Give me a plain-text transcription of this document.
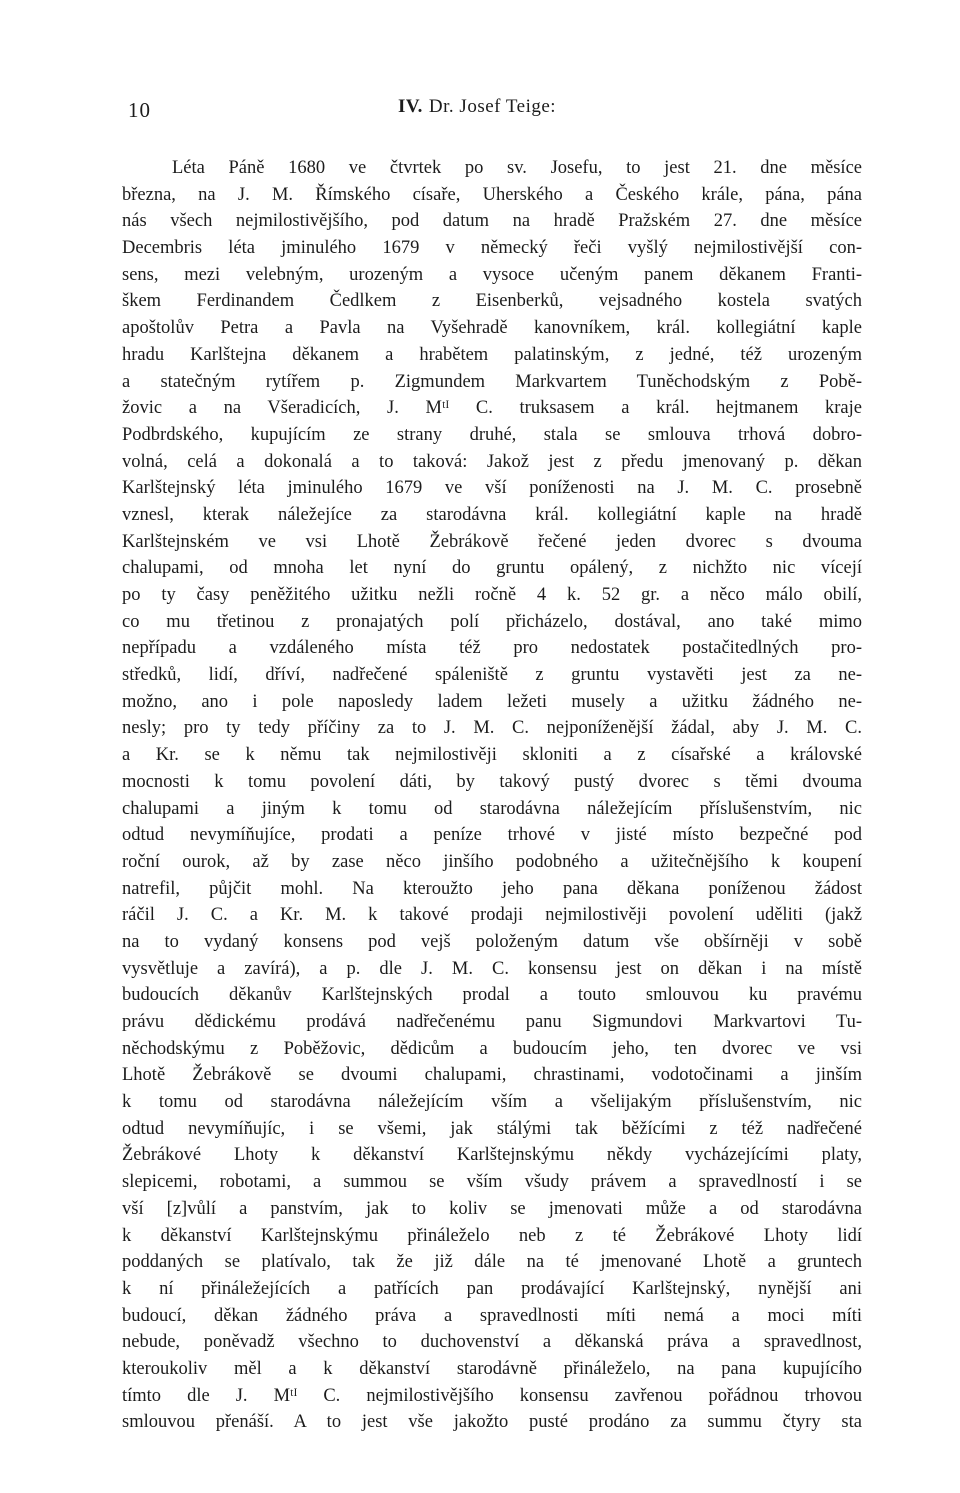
10	IV. Dr. Josef Teige:
Léta Páně 1680 ve čtvrtek po sv. Josefu, to jest 21. dne měsíce
března, na J. M. Římského císaře, Uherského a Českého krále, pána, pána
nás všech nejmilostivějšího, pod datum na hradě Pražském 27. dne měsíce
Decembris léta jminulého 1679 v německý řeči vyšlý nejmilostivější con-
sens, mezi velebným, urozeným a vysoce učeným panem děkanem Franti-
škem Ferdinandem Čedlkem z Eisenberků, vejsadného kostela svatých
apoštolův Petra a Pavla na Vyšehradě kanovníkem, král. kollegiátní kaple
hradu Karlštejna děkanem a hrabětem palatinským, z jedné, též urozeným
a statečným rytířem p. Zigmundem Markvartem Tuněchodským z Pobě-
žovic a na Všeradicích, J. Mᵗᴵ C. truksasem a král. hejtmanem kraje
Podbrdského, kupujícím ze strany druhé, stala se smlouva trhová dobro-
volná, celá a dokonalá a to taková: Jakož jest z předu jmenovaný p. děkan
Karlštejnský léta jminulého 1679 ve vší poníženosti na J. M. C. prosebně
vznesl, kterak náležejíce za starodávna král. kollegiátní kaple na hradě
Karlštejnském ve vsi Lhotě Žebrákově řečené jeden dvorec s dvouma
chalupami, od mnoha let nyní do gruntu opálený, z nichžto nic vícejí
po ty časy peněžitého užitku nežli ročně 4 k. 52 gr. a něco málo obilí,
co mu třetinou z pronajatých polí přicházelo, dostával, ano také mimo
nepřípadu a vzdáleného místa též pro nedostatek postačitedlných pro-
středků, lidí, dříví, nadřečené spáleniště z gruntu vystavěti jest za ne-
možno, ano i pole naposledy ladem ležeti musely a užitku žádného ne-
nesly; pro ty tedy příčiny za to J. M. C. nejponíženější žádal, aby J. M. C.
a Kr. se k němu tak nejmilostivěji skloniti a z císařské a královské
mocnosti k tomu povolení dáti, by takový pustý dvorec s těmi dvouma
chalupami a jiným k tomu od starodávna náležejícím příslušenstvím, nic
odtud nevymíňujíce, prodati a peníze trhové v jisté místo bezpečné pod
roční ourok, až by zase něco jinšího podobného a užitečnějšího k koupení
natrefil, půjčit mohl. Na kteroužto jeho pana děkana poníženou žádost
ráčil J. C. a Kr. M. k takové prodaji nejmilostivěji povolení uděliti (jakž
na to vydaný konsens pod vejš položeným datum vše obšírněji v sobě
vysvětluje a zavírá), a p. dle J. M. C. konsensu jest on děkan i na místě
budoucích děkanův Karlštejnských prodal a touto smlouvou ku pravému
právu dědickému prodává nadřečenému panu Sigmundovi Markvartovi Tu-
něchodskýmu z Poběžovic, dědicům a budoucím jeho, ten dvorec ve vsi
Lhotě Žebrákově se dvoumi chalupami, chrastinami, vodotočinami a jinším
k tomu od starodávna náležejícím vším a všelijakým příslušenstvím, nic
odtud nevymíňujíc, i se všemi, jak stálými tak běžícími z též nadřečené
Žebrákové Lhoty k děkanství Karlštejnskýmu někdy vycházejícími platy,
slepicemi, robotami, a summou se vším všudy právem a spravedlností i se
vší [z]vůlí a panstvím, jak to koliv se jmenovati může a od starodávna
k děkanství Karlštejnskýmu přináleželo neb z té Žebrákové Lhoty lidí
poddaných se platívalo, tak že již dále na té jmenované Lhotě a gruntech
k ní přináležejících a patřících pan prodávající Karlštejnský, nynější ani
budoucí, děkan žádného práva a spravedlnosti míti nemá a moci míti
nebude, poněvadž všechno to duchovenství a děkanská práva a spravedlnost,
kteroukoliv měl a k děkanství starodávně přináleželo, na pana kupujícího
tímto dle J. Mᵗᴵ C. nejmilostivějšího konsensu zavřenou pořádnou trhovou
smlouvou přenáší. A to jest vše jakožto pusté prodáno za summu čtyry sta
